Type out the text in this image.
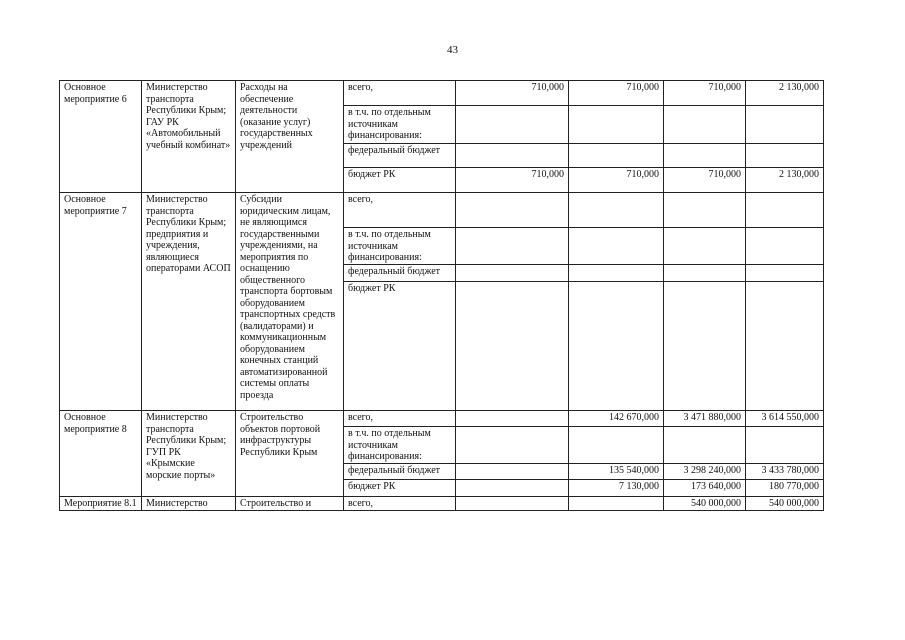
43
Основное мероприятие 6	Министерство транспорта Республики Крым; ГАУ РК «Автомобильный учебный комбинат»	Расходы на обеспечение деятельности (оказание услуг) государственных учреждений	всего,	710,000	710,000	710,000	2 130,000
			в т.ч. по отдельным источникам финансирования:				
			федеральный бюджет				
			бюджет РК	710,000	710,000	710,000	2 130,000
Основное мероприятие 7	Министерство транспорта Республики Крым; предприятия и учреждения, являющиеся операторами АСОП	Субсидии юридическим лицам, не являющимся государственными учреждениями, на мероприятия по оснащению общественного транспорта бортовым оборудованием транспортных средств (валидаторами) и коммуникационным оборудованием конечных станций автоматизированной системы оплаты проезда	всего,				
			в т.ч. по отдельным источникам финансирования:				
			федеральный бюджет				
			бюджет РК				
Основное мероприятие 8	Министерство транспорта Республики Крым; ГУП РК «Крымские морские порты»	Строительство объектов портовой инфраструктуры Республики Крым	всего,		142 670,000	3 471 880,000	3 614 550,000
			в т.ч. по отдельным источникам финансирования:				
			федеральный бюджет		135 540,000	3 298 240,000	3 433 780,000
			бюджет РК		7 130,000	173 640,000	180 770,000
Мероприятие 8.1	Министерство	Строительство и	всего,			540 000,000	540 000,000
